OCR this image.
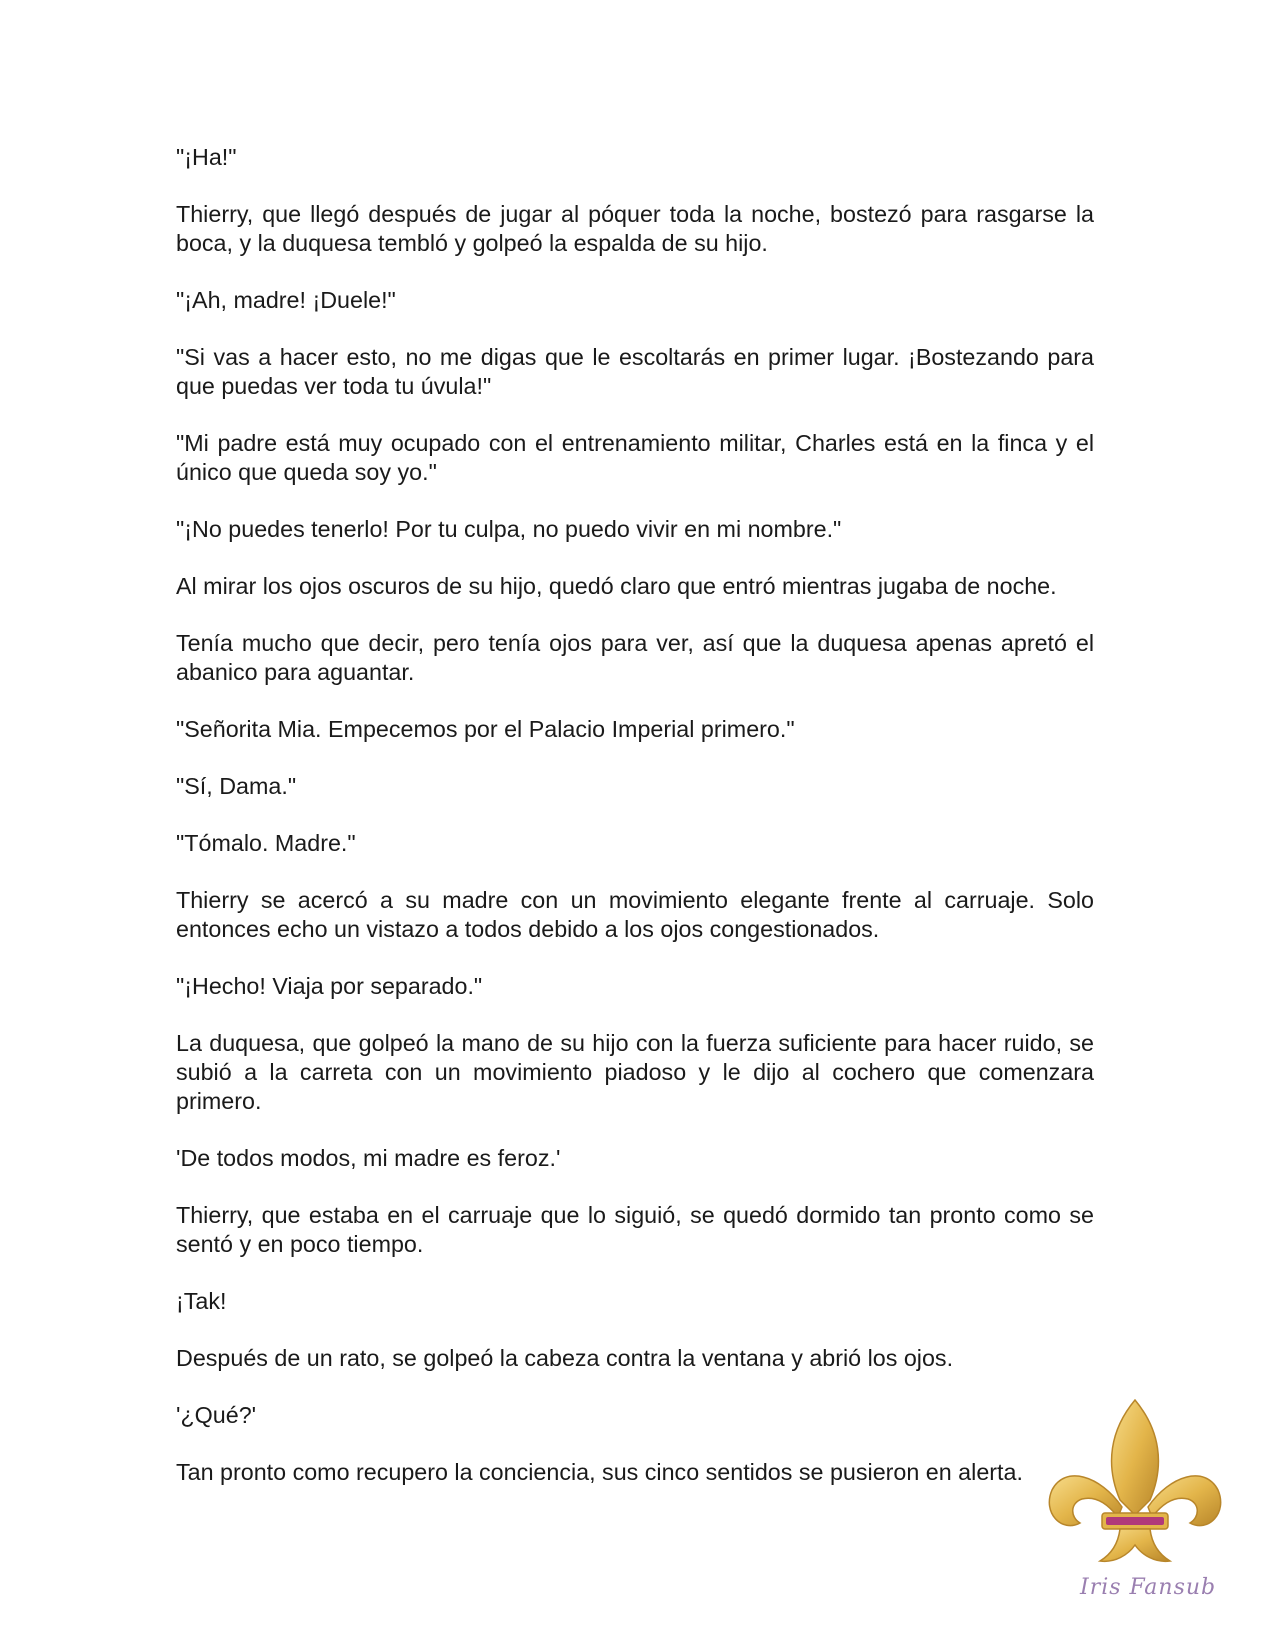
"¡Ha!"

Thierry, que llegó después de jugar al póquer toda la noche, bostezó para rasgarse la boca, y la duquesa tembló y golpeó la espalda de su hijo.

"¡Ah, madre! ¡Duele!"

"Si vas a hacer esto, no me digas que le escoltarás en primer lugar. ¡Bostezando para que puedas ver toda tu úvula!"

"Mi padre está muy ocupado con el entrenamiento militar, Charles está en la finca y el único que queda soy yo."

"¡No puedes tenerlo! Por tu culpa, no puedo vivir en mi nombre."

Al mirar los ojos oscuros de su hijo, quedó claro que entró mientras jugaba de noche.

Tenía mucho que decir, pero tenía ojos para ver, así que la duquesa apenas apretó el abanico para aguantar.

"Señorita Mia. Empecemos por el Palacio Imperial primero."

"Sí, Dama."

"Tómalo. Madre."

Thierry se acercó a su madre con un movimiento elegante frente al carruaje. Solo entonces echo un vistazo a todos debido a los ojos congestionados.

"¡Hecho! Viaja por separado."

La duquesa, que golpeó la mano de su hijo con la fuerza suficiente para hacer ruido, se subió a la carreta con un movimiento piadoso y le dijo al cochero que comenzara primero.

'De todos modos, mi madre es feroz.'

Thierry, que estaba en el carruaje que lo siguió, se quedó dormido tan pronto como se sentó y en poco tiempo.

¡Tak!

Después de un rato, se golpeó la cabeza contra la ventana y abrió los ojos.

'¿Qué?'

Tan pronto como recupero la conciencia, sus cinco sentidos se pusieron en alerta.

Iris Fansub
